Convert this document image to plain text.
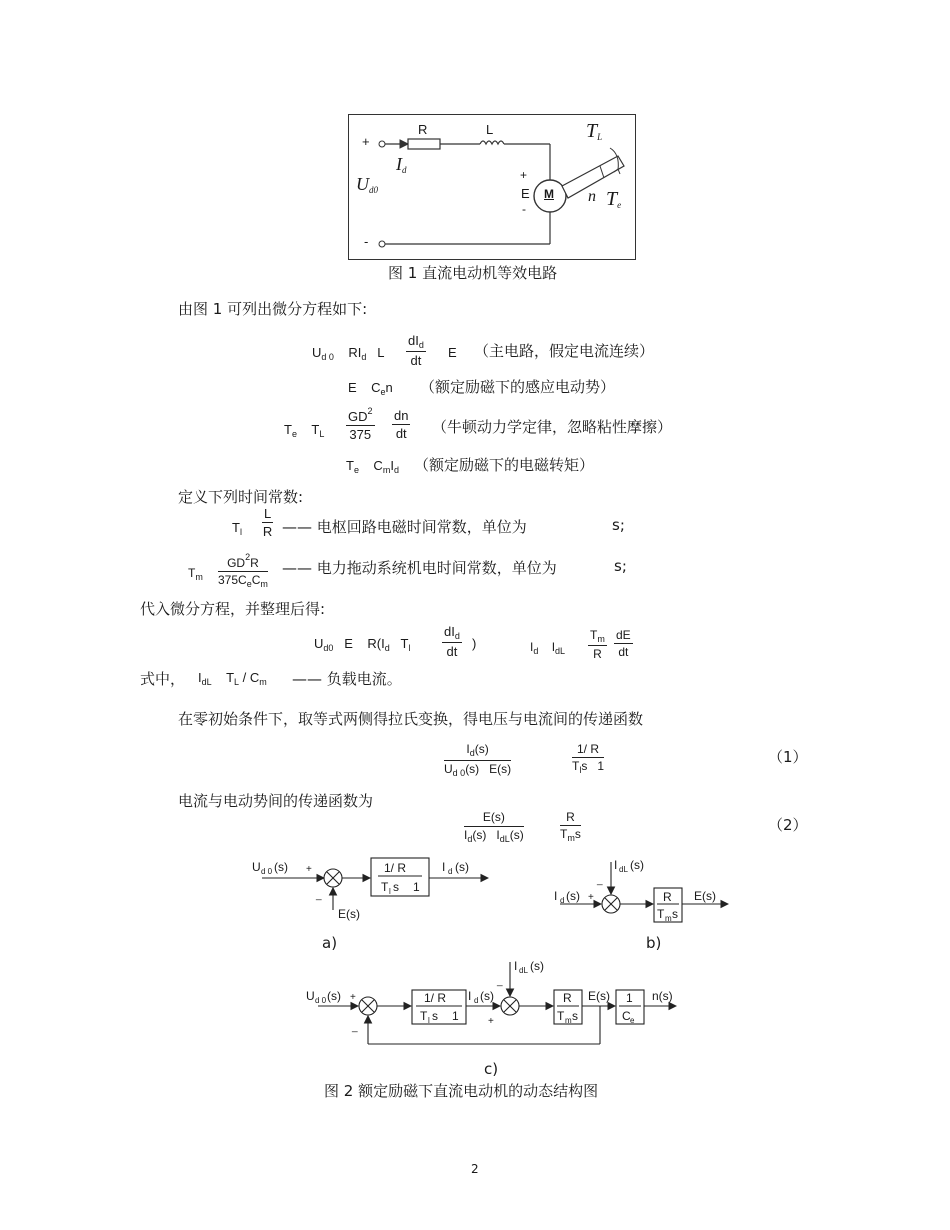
+
-
R	L
$I_d$
$U_{d0}$
+
E
-
M
$T_L$
n $T_e$
图 1 直流电动机等效电路
由图 1 可列出微分方程如下:
$U_{d 0}$    $RI_d$   L
$dI_d$
dt
E （主电路，假定电流连续）
E    $C_en$ （额定励磁下的感应电动势）
$T_e$    $T_L \frac{GD^2}{375} \frac{dn}{dt}$ （牛顿动力学定律，忽略粘性摩擦）
$T_e$    $C_mI_d$ （额定励磁下的电磁转矩）
定义下列时间常数:
$T_l \frac{L}{R}$ —— 电枢回路电磁时间常数，单位为	s;
$T_m$
$GD^2R$
$375C_eC_m$
—— 电力拖动系统机电时间常数，单位为	s;
代入微分方程，并整理后得:
$U_{d0}$   E    $R(I_d$   $T_l$
$dI_d$
dt
)	$I_d$    $I_{dL} \frac{T_m}{R} \frac{dE}{dt}$
式中， $I_{dL}$    $T_L / C_m$ —— 负载电流。
在零初始条件下，取等式两侧得拉氏变换，得电压与电流间的传递函数
$\frac{I_d(s)}{U_{d 0}(s) E(s)}$	1/ R
$T_ls$   1	（1）
电流与电动势间的传递函数为
E(s)
$I_d(s)$   $I_{dL}(s)$
R
$T_ms$	（2）
U d 0 (s) +
_
E(s)
1/ R
T l s 1
I d (s)	I dL (s)
_
I d (s) +	R
T m s
E(s)
U d 0 (s) +
_
1/ R
T l s 1
I d (s)
I dL (s)
_
+
R
T m s
E(s) 1
C e
n(s)
a)	b)
c)
图 2 额定励磁下直流电动机的动态结构图
2
